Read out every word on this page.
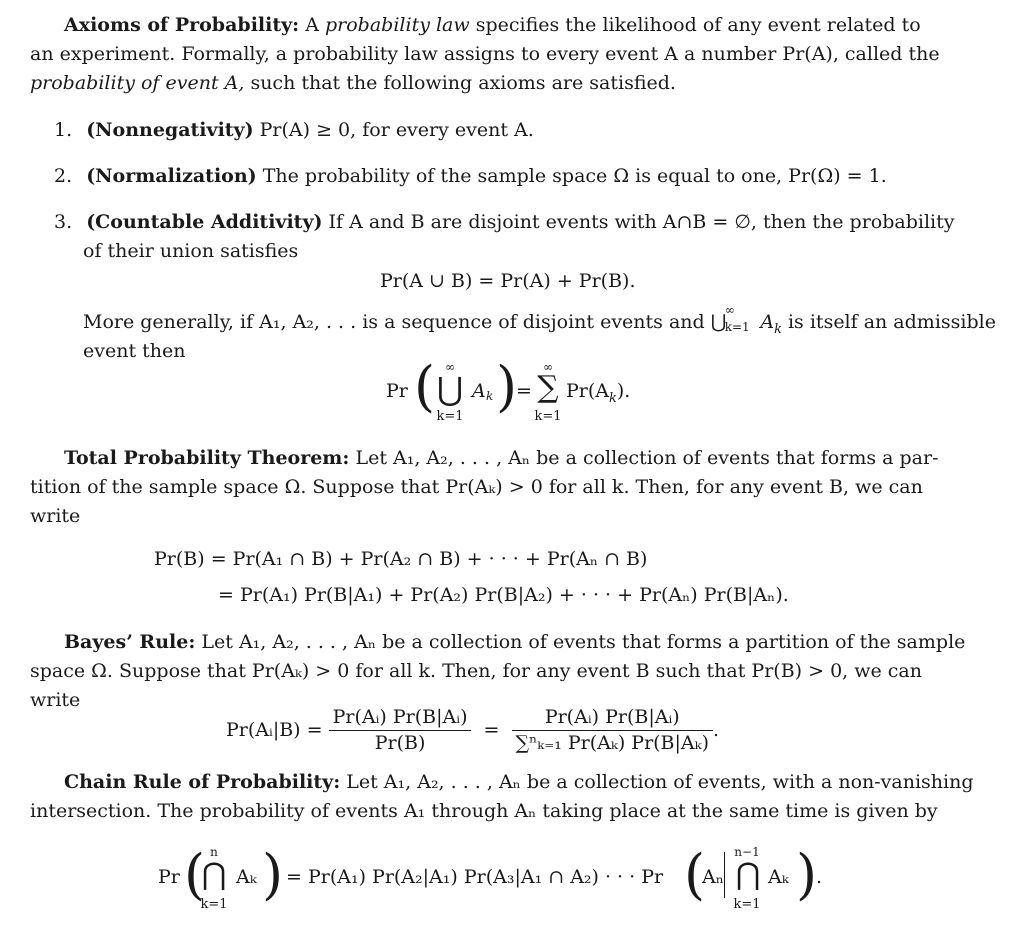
Axioms of Probability: A probability law specifies the likelihood of any event related to
an experiment. Formally, a probability law assigns to every event A a number Pr(A), called the
probability of event A, such that the following axioms are satisfied.
1. (Nonnegativity) Pr(A) ≥ 0, for every event A.
2. (Normalization) The probability of the sample space Ω is equal to one, Pr(Ω) = 1.
3. (Countable Additivity) If A and B are disjoint events with A∩B = ∅, then the probability
of their union satisfies
Pr(A ∪ B) = Pr(A) + Pr(B).
More generally, if A₁, A₂, . . . is a sequence of disjoint events and ⋃
∞
k=1 $A_k$ is itself an admissible
event then
Pr ( ∞
⋃
k=1
A k )
=
∞
∑
k=1
$Pr(A_k)$.
Total Probability Theorem: Let A₁, A₂, . . . , Aₙ be a collection of events that forms a par-
tition of the sample space Ω. Suppose that Pr(Aₖ) > 0 for all k. Then, for any event B, we can
write
Pr(B) = Pr(A₁ ∩ B) + Pr(A₂ ∩ B) + · · · + Pr(Aₙ ∩ B)
= Pr(A₁) Pr(B|A₁) + Pr(A₂) Pr(B|A₂) + · · · + Pr(Aₙ) Pr(B|Aₙ).
Bayes’ Rule: Let A₁, A₂, . . . , Aₙ be a collection of events that forms a partition of the sample
space Ω. Suppose that Pr(Aₖ) > 0 for all k. Then, for any event B such that Pr(B) > 0, we can
write
Pr(Aᵢ|B) = $\frac{\text{Pr(Aᵢ) Pr(B|Aᵢ)}}{Pr(B)} = \frac{\text{Pr(Aᵢ) Pr(B|Aᵢ)}}{\text{∑ⁿₖ₌₁ Pr(Aₖ) Pr(B|Aₖ)}}$ .
Chain Rule of Probability: Let A₁, A₂, . . . , Aₙ be a collection of events, with a non-vanishing
intersection. The probability of events A₁ through Aₙ taking place at the same time is given by
Pr ( n
⋂
k=1
Aₖ ) = Pr(A₁) Pr(A₂|A₁) Pr(A₃|A₁ ∩ A₂) · · · Pr (
Aₙ
n−1
⋂
k=1
Aₖ )
.
